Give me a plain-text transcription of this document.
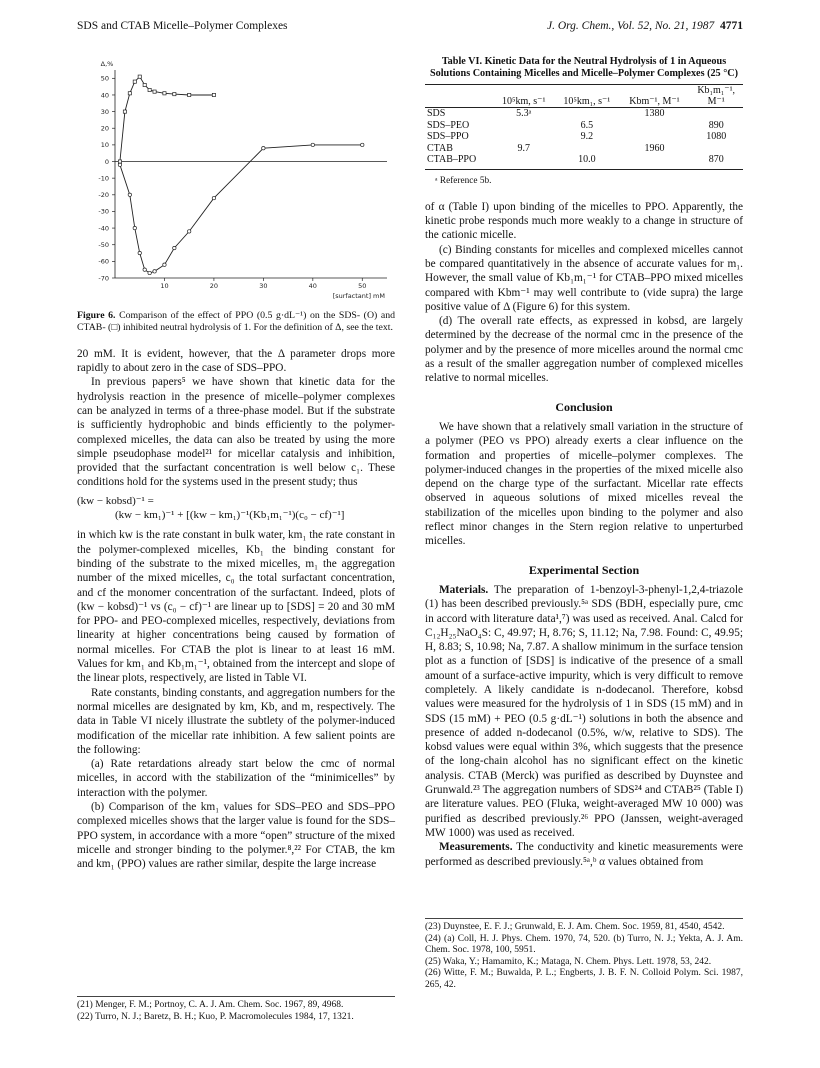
SDS and CTAB Micelle–Polymer Complexes	J. Org. Chem., Vol. 52, No. 21, 1987 4771
50
40
30
20
10
0
-10
-20
-30
-40
-50
-60
-70
10	20	30	40	50
Δ,%
[surfactant] mM

Figure 6. Comparison of the effect of PPO (0.5 g·dL⁻¹) on the SDS- (O) and CTAB- (□) inhibited neutral hydrolysis of 1. For the definition of Δ, see the text.

20 mM. It is evident, however, that the Δ parameter drops more rapidly to about zero in the case of SDS–PPO.

In previous papers⁵ we have shown that kinetic data for the hydrolysis reaction in the presence of micelle–polymer complexes can be analyzed in terms of a three-phase model. But if the substrate is sufficiently hydrophobic and binds efficiently to the polymer-complexed micelles, the data can also be treated by using the more simple pseudophase model²¹ for micellar catalysis and inhibition, provided that the surfactant concentration is well below c₁. These conditions hold for the systems used in the present study; thus

(kw − kobsd)⁻¹ =
(kw − km₁)⁻¹ + [(kw − km₁)⁻¹(Kb₁m₁⁻¹)(c₀ − cf)⁻¹]

in which kw is the rate constant in bulk water, km₁ the rate constant in the polymer-complexed micelles, Kb₁ the binding constant for binding of the substrate to the mixed micelles, m₁ the aggregation number of the mixed micelles, c₀ the total surfactant concentration, and cf the monomer concentration of the surfactant. Indeed, plots of (kw − kobsd)⁻¹ vs (c₀ − cf)⁻¹ are linear up to [SDS] = 20 and 30 mM for PPO- and PEO-complexed micelles, respectively, deviations from linearity at higher concentrations being caused by formation of normal micelles. For CTAB the plot is linear to at least 16 mM. Values for km₁ and Kb₁m₁⁻¹, obtained from the intercept and slope of the linear plots, respectively, are listed in Table VI.

Rate constants, binding constants, and aggregation numbers for the normal micelles are designated by km, Kb, and m, respectively. The data in Table VI nicely illustrate the subtlety of the polymer-induced modification of the micellar rate inhibition. A few salient points are the following:

(a) Rate retardations already start below the cmc of normal micelles, in accord with the stabilization of the “minimicelles” by interaction with the polymer.

(b) Comparison of the km₁ values for SDS–PEO and SDS–PPO complexed micelles shows that the larger value is found for the SDS–PPO system, in accordance with a more “open” structure of the mixed micelle and stronger binding to the polymer.⁸,²² For CTAB, the km and km₁ (PPO) values are rather similar, despite the large increase

(21) Menger, F. M.; Portnoy, C. A. J. Am. Chem. Soc. 1967, 89, 4968.
(22) Turro, N. J.; Baretz, B. H.; Kuo, P. Macromolecules 1984, 17, 1321.
Table VI. Kinetic Data for the Neutral Hydrolysis of 1 in Aqueous Solutions Containing Micelles and Micelle–Polymer Complexes (25 °C)
				Kb₁m₁⁻¹,
	10⁵km, s⁻¹	10⁵km₁, s⁻¹	Kbm⁻¹, M⁻¹	M⁻¹
SDS	5.3ᵃ		1380	
SDS–PEO		6.5		890
SDS–PPO		9.2		1080
CTAB	9.7		1960	
CTAB–PPO		10.0		870
ᵃ Reference 5b.

of α (Table I) upon binding of the micelles to PPO. Apparently, the kinetic probe responds much more weakly to a change in structure of the cationic micelle.

(c) Binding constants for micelles and complexed micelles cannot be compared quantitatively in the absence of accurate values for m₁. However, the small value of Kb₁m₁⁻¹ for CTAB–PPO mixed micelles compared with Kbm⁻¹ may well contribute to (vide supra) the large positive value of Δ (Figure 6) for this system.

(d) The overall rate effects, as expressed in kobsd, are largely determined by the decrease of the normal cmc in the presence of the polymer and by the presence of more micelles around the normal cmc as a result of the smaller aggregation number of complexed micelles relative to normal micelles.

Conclusion

We have shown that a relatively small variation in the structure of a polymer (PEO vs PPO) already exerts a clear influence on the formation and properties of micelle–polymer complexes. The polymer-induced changes in the properties of the mixed micelle also depend on the charge type of the surfactant. Micellar rate effects observed in aqueous solutions of mixed micelles reveal the stabilization of the micelles upon binding to the polymer and also reflect minor changes in the Stern region relative to unperturbed micelles.

Experimental Section

Materials. The preparation of 1-benzoyl-3-phenyl-1,2,4-triazole (1) has been described previously.⁵ᵃ SDS (BDH, especially pure, cmc in accord with literature data¹,⁷) was used as received. Anal. Calcd for C₁₂H₂₅NaO₄S: C, 49.97; H, 8.76; S, 11.12; Na, 7.98. Found: C, 49.95; H, 8.83; S, 10.98; Na, 7.87. A shallow minimum in the surface tension plot as a function of [SDS] is indicative of the presence of a small amount of a surface-active impurity, which is very difficult to remove completely. A likely candidate is n-dodecanol. Therefore, kobsd values were measured for the hydrolysis of 1 in SDS (15 mM) and in SDS (15 mM) + PEO (0.5 g·dL⁻¹) solutions in both the absence and presence of added n-dodecanol (0.5%, w/w, relative to SDS). The kobsd values were equal within 3%, which suggests that the presence of the long-chain alcohol has no significant effect on the kinetic analysis. CTAB (Merck) was purified as described by Duynstee and Grunwald.²³ The aggregation numbers of SDS²⁴ and CTAB²⁵ (Table I) are literature values. PEO (Fluka, weight-averaged MW 10 000) was purified as described previously.²⁶ PPO (Janssen, weight-averaged MW 1000) was used as received.

Measurements. The conductivity and kinetic measurements were performed as described previously.⁵ᵃ,ᵇ α values obtained from

(23) Duynstee, E. F. J.; Grunwald, E. J. Am. Chem. Soc. 1959, 81, 4540, 4542.
(24) (a) Coll, H. J. Phys. Chem. 1970, 74, 520. (b) Turro, N. J.; Yekta, A. J. Am. Chem. Soc. 1978, 100, 5951.
(25) Waka, Y.; Hamamito, K.; Mataga, N. Chem. Phys. Lett. 1978, 53, 242.
(26) Witte, F. M.; Buwalda, P. L.; Engberts, J. B. F. N. Colloid Polym. Sci. 1987, 265, 42.
